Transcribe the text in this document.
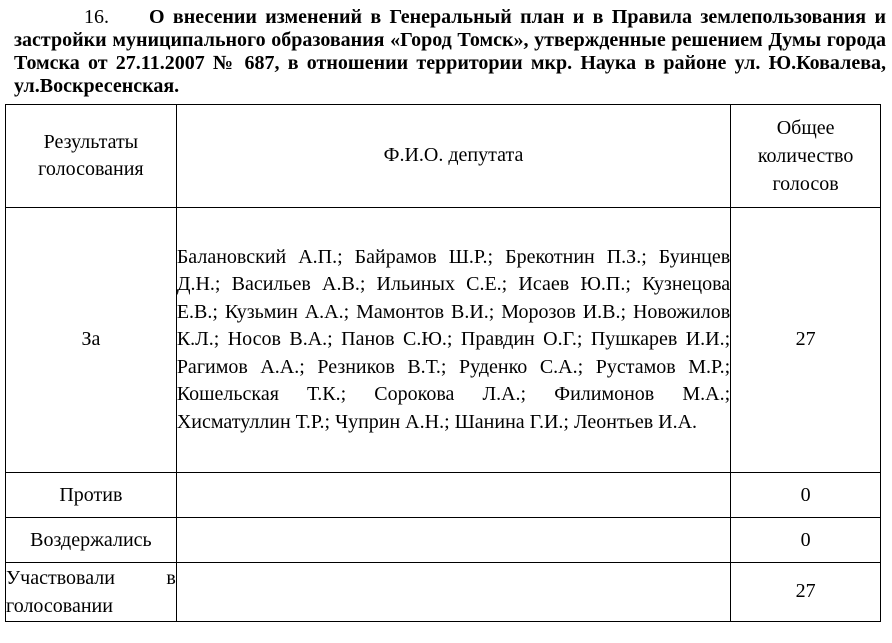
16. О внесении изменений в Генеральный план и в Правила землепользования и застройки муниципального образования «Город Томск», утвержденные решением Думы города Томска от 27.11.2007 № 687, в отношении территории мкр. Наука в районе ул. Ю.Ковалева, ул.Воскресенская.
Результаты голосования	Ф.И.О. депутата	Общее количество голосов
За	Балановский А.П.; Байрамов Ш.Р.; Брекотнин П.З.; Буинцев Д.Н.; Васильев А.В.; Ильиных С.Е.; Исаев Ю.П.; Кузнецова Е.В.; Кузьмин А.А.; Мамонтов В.И.; Морозов И.В.; Новожилов К.Л.; Носов В.А.; Панов С.Ю.; Правдин О.Г.; Пушкарев И.И.; Рагимов А.А.; Резников В.Т.; Руденко С.А.; Рустамов М.Р.; Кошельская Т.К.; Сорокова Л.А.; Филимонов М.А.; Хисматуллин Т.Р.; Чуприн А.Н.; Шанина Г.И.; Леонтьев И.А.	27
Против		0
Воздержались		0
Участвовали в голосовании		27
